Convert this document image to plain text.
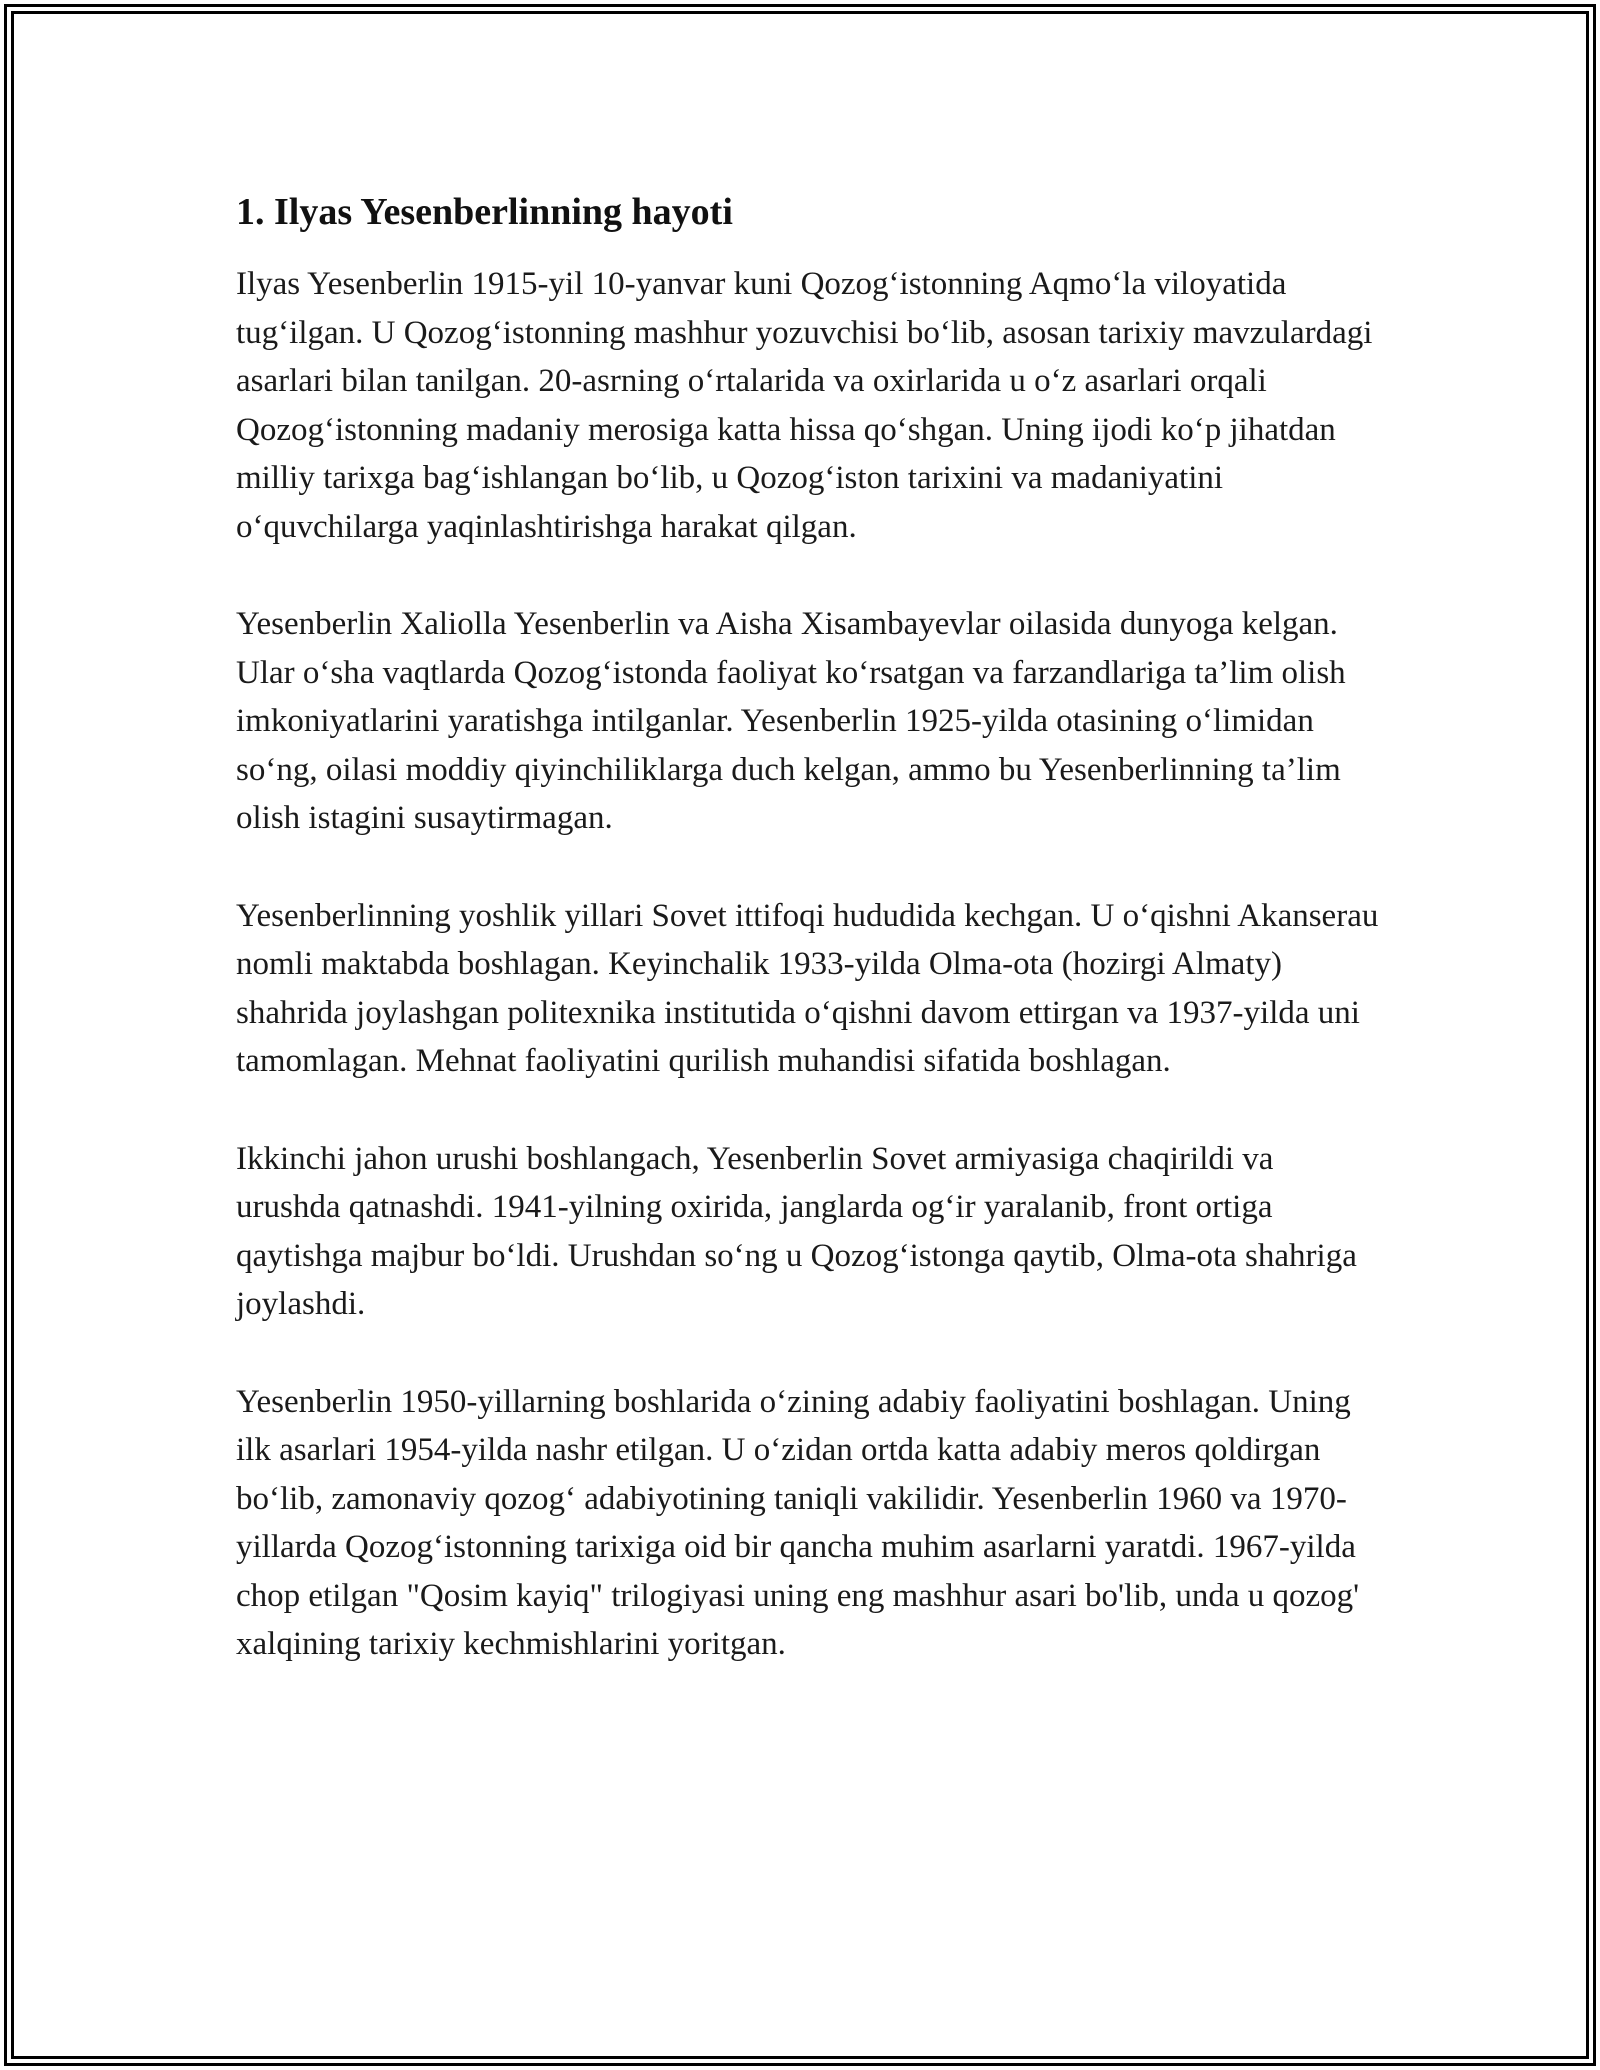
1. Ilyas Yesenberlinning hayoti

Ilyas Yesenberlin 1915-yil 10-yanvar kuni Qozog‘istonning Aqmo‘la viloyatida tug‘ilgan. U Qozog‘istonning mashhur yozuvchisi bo‘lib, asosan tarixiy mavzulardagi asarlari bilan tanilgan. 20-asrning o‘rtalarida va oxirlarida u o‘z asarlari orqali Qozog‘istonning madaniy merosiga katta hissa qo‘shgan. Uning ijodi ko‘p jihatdan milliy tarixga bag‘ishlangan bo‘lib, u Qozog‘iston tarixini va madaniyatini o‘quvchilarga yaqinlashtirishga harakat qilgan.

Yesenberlin Xaliolla Yesenberlin va Aisha Xisambayevlar oilasida dunyoga kelgan. Ular o‘sha vaqtlarda Qozog‘istonda faoliyat ko‘rsatgan va farzandlariga ta’lim olish imkoniyatlarini yaratishga intilganlar. Yesenberlin 1925-yilda otasining o‘limidan so‘ng, oilasi moddiy qiyinchiliklarga duch kelgan, ammo bu Yesenberlinning ta’lim olish istagini susaytirmagan.

Yesenberlinning yoshlik yillari Sovet ittifoqi hududida kechgan. U o‘qishni Akanserau nomli maktabda boshlagan. Keyinchalik 1933-yilda Olma-ota (hozirgi Almaty) shahrida joylashgan politexnika institutida o‘qishni davom ettirgan va 1937-yilda uni tamomlagan. Mehnat faoliyatini qurilish muhandisi sifatida boshlagan.

Ikkinchi jahon urushi boshlangach, Yesenberlin Sovet armiyasiga chaqirildi va urushda qatnashdi. 1941-yilning oxirida, janglarda og‘ir yaralanib, front ortiga qaytishga majbur bo‘ldi. Urushdan so‘ng u Qozog‘istonga qaytib, Olma-ota shahriga joylashdi.

Yesenberlin 1950-yillarning boshlarida o‘zining adabiy faoliyatini boshlagan. Uning ilk asarlari 1954-yilda nashr etilgan. U o‘zidan ortda katta adabiy meros qoldirgan bo‘lib, zamonaviy qozog‘ adabiyotining taniqli vakilidir. Yesenberlin 1960 va 1970-yillarda Qozog‘istonning tarixiga oid bir qancha muhim asarlarni yaratdi. 1967-yilda chop etilgan "Qosim kayiq" trilogiyasi uning eng mashhur asari bo'lib, unda u qozog' xalqining tarixiy kechmishlarini yoritgan.
